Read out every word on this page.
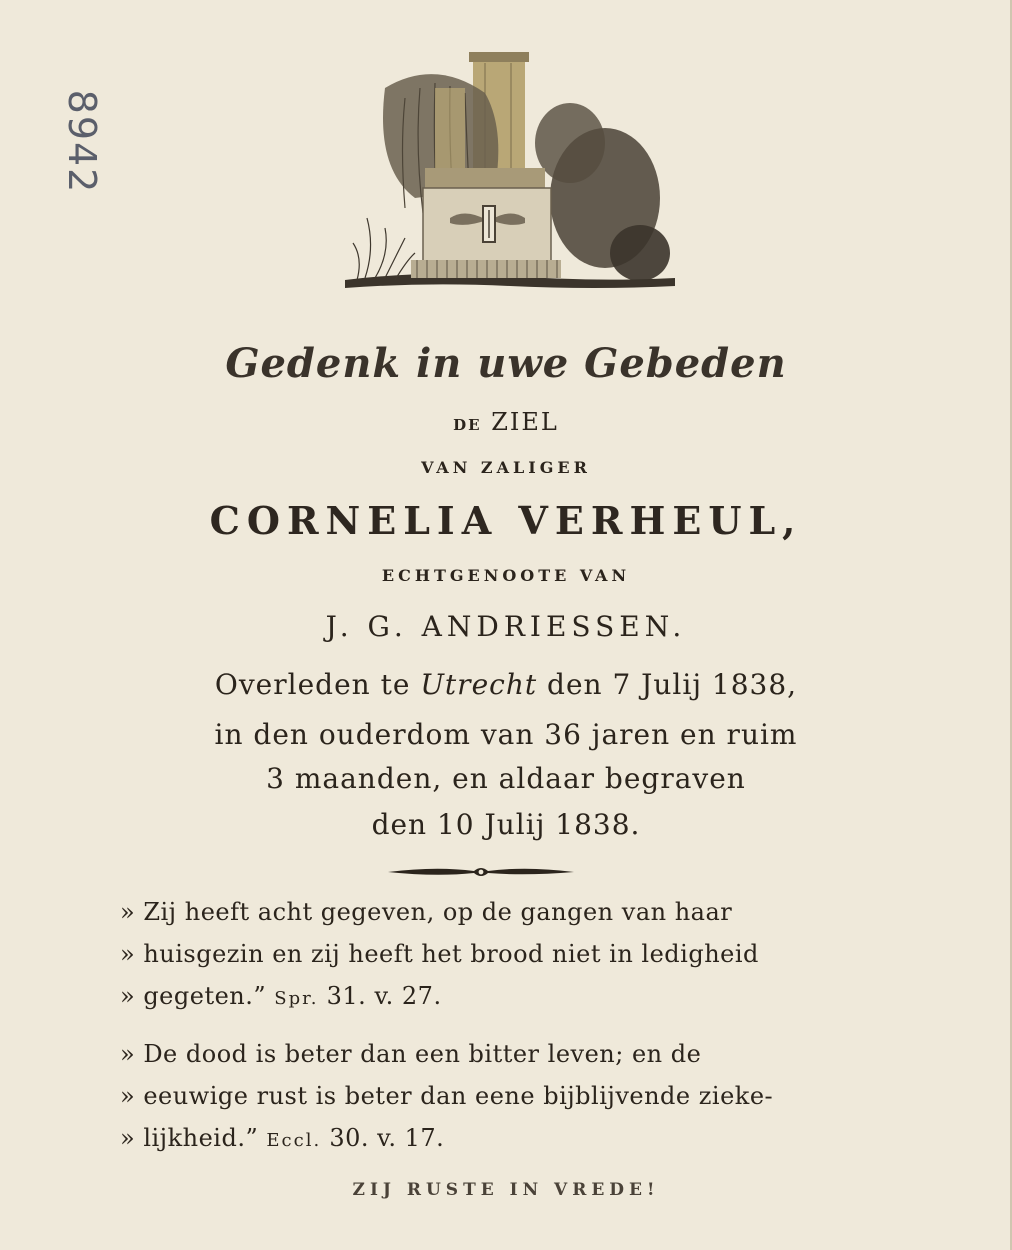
8942
Gedenk in uwe Gebeden
DE ZIEL
VAN ZALIGER
CORNELIA VERHEUL,
ECHTGENOOTE VAN
J. G. ANDRIESSEN.
Overleden te Utrecht den 7 Julij 1838,
in den ouderdom van 36 jaren en ruim
3 maanden, en aldaar begraven
den 10 Julij 1838.
» Zij heeft acht gegeven, op de gangen van haar
» huisgezin en zij heeft het brood niet in ledigheid
» gegeten.” Spr. 31. v. 27.
» De dood is beter dan een bitter leven; en de
» eeuwige rust is beter dan eene bijblijvende zieke-
» lijkheid.” Eccl. 30. v. 17.
ZIJ RUSTE IN VREDE!
